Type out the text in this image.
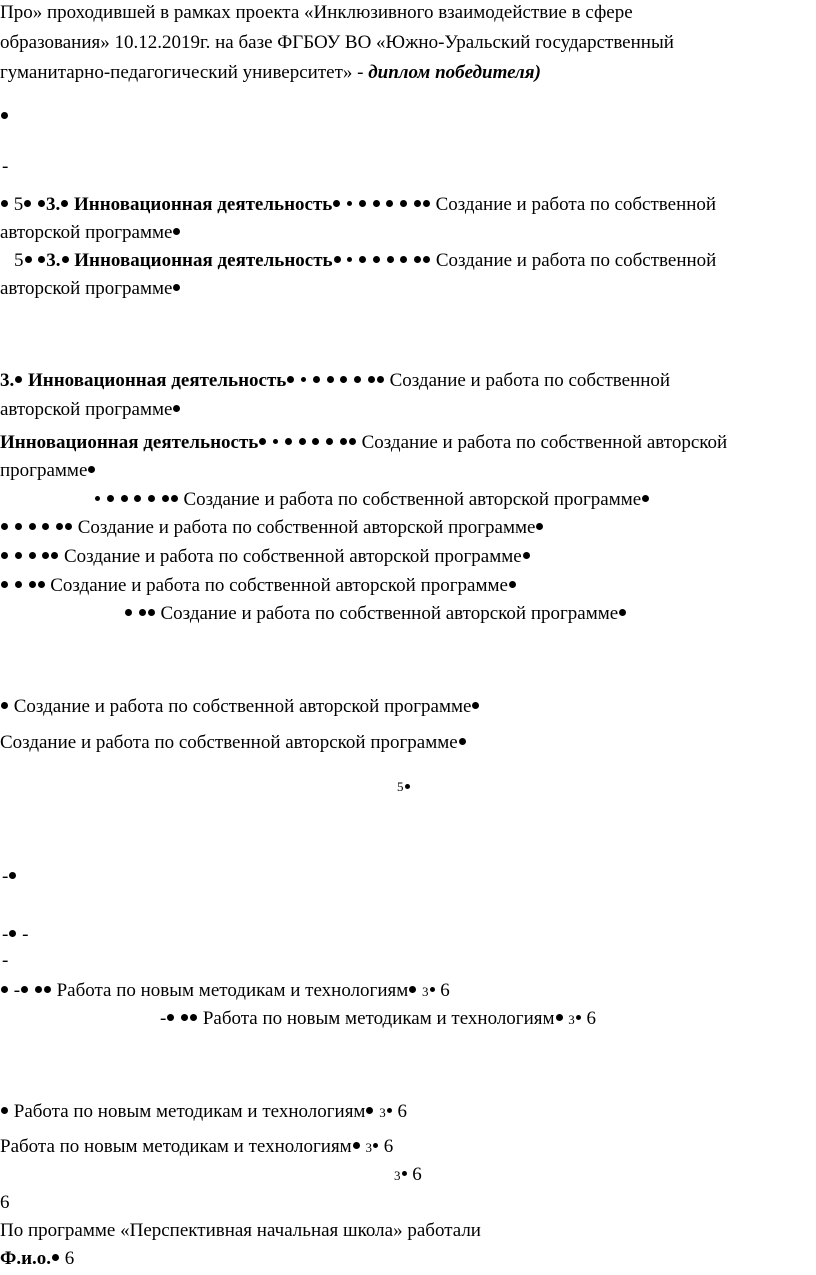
Про» проходившей в рамках проекта «Инклюзивного взаимодействие в сфере
образования» 10.12.2019г. на базе ФГБОУ ВО «Южно-Уральский государственный
гуманитарно-педагогический университет» - диплом победителя)
-
5 3. Инновационная деятельность	Создание и работа по собственной
авторской программе
5 3. Инновационная деятельность	Создание и работа по собственной
авторской программе
3. Инновационная деятельность	Создание и работа по собственной
авторской программе
Инновационная деятельность	Создание и работа по собственной авторской
программе
Создание и работа по собственной авторской программе
Создание и работа по собственной авторской программе
Создание и работа по собственной авторской программе
Создание и работа по собственной авторской программе
Создание и работа по собственной авторской программе
Создание и работа по собственной авторской программе
Создание и работа по собственной авторской программе
5
-
- -
-
- Работа по новым методикам и технологиям 3 6
- Работа по новым методикам и технологиям 3 6
Работа по новым методикам и технологиям 3 6
Работа по новым методикам и технологиям 3 6
3 6
6
По программе «Перспективная начальная школа» работали
Ф.и.о. 6
